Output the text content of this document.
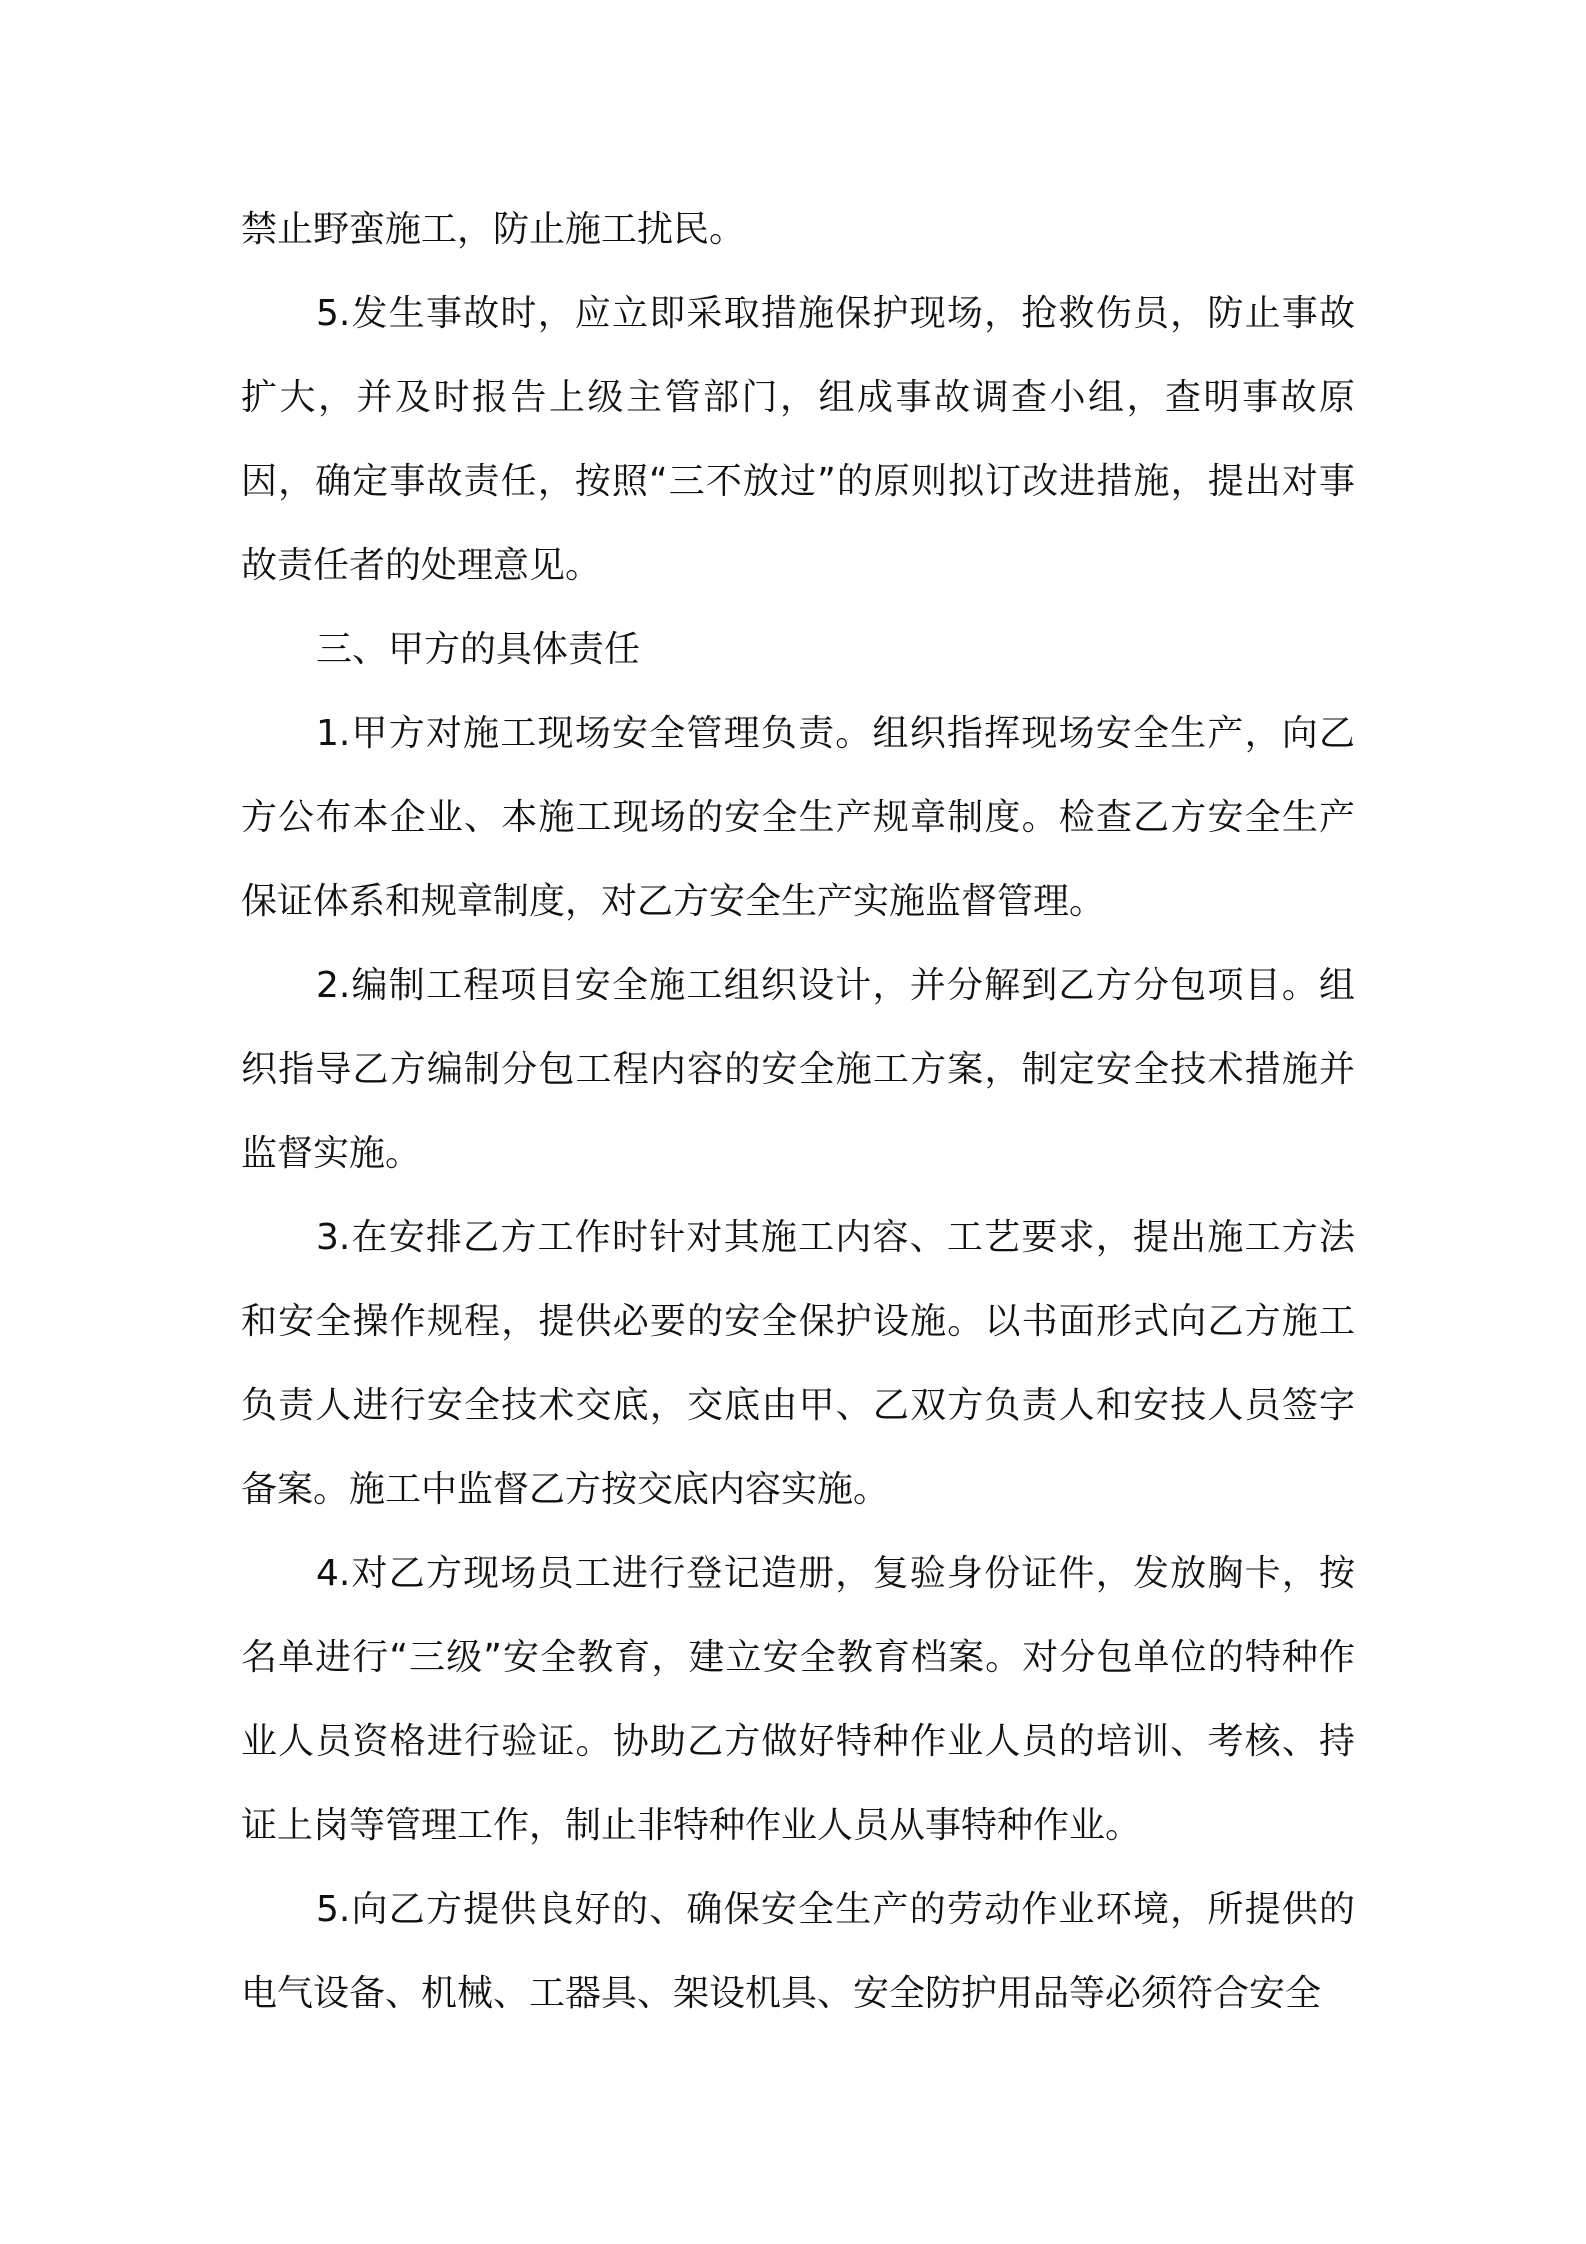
禁止野蛮施工，防止施工扰民。

5.发生事故时，应立即采取措施保护现场，抢救伤员，防止事故扩大，并及时报告上级主管部门，组成事故调查小组，查明事故原因，确定事故责任，按照“三不放过”的原则拟订改进措施，提出对事故责任者的处理意见。

三、甲方的具体责任

1.甲方对施工现场安全管理负责。组织指挥现场安全生产，向乙方公布本企业、本施工现场的安全生产规章制度。检查乙方安全生产保证体系和规章制度，对乙方安全生产实施监督管理。

2.编制工程项目安全施工组织设计，并分解到乙方分包项目。组织指导乙方编制分包工程内容的安全施工方案，制定安全技术措施并监督实施。

3.在安排乙方工作时针对其施工内容、工艺要求，提出施工方法和安全操作规程，提供必要的安全保护设施。以书面形式向乙方施工负责人进行安全技术交底，交底由甲、乙双方负责人和安技人员签字备案。施工中监督乙方按交底内容实施。

4.对乙方现场员工进行登记造册，复验身份证件，发放胸卡，按名单进行“三级”安全教育，建立安全教育档案。对分包单位的特种作业人员资格进行验证。协助乙方做好特种作业人员的培训、考核、持证上岗等管理工作，制止非特种作业人员从事特种作业。

5.向乙方提供良好的、确保安全生产的劳动作业环境，所提供的电气设备、机械、工器具、架设机具、安全防护用品等必须符合安全
